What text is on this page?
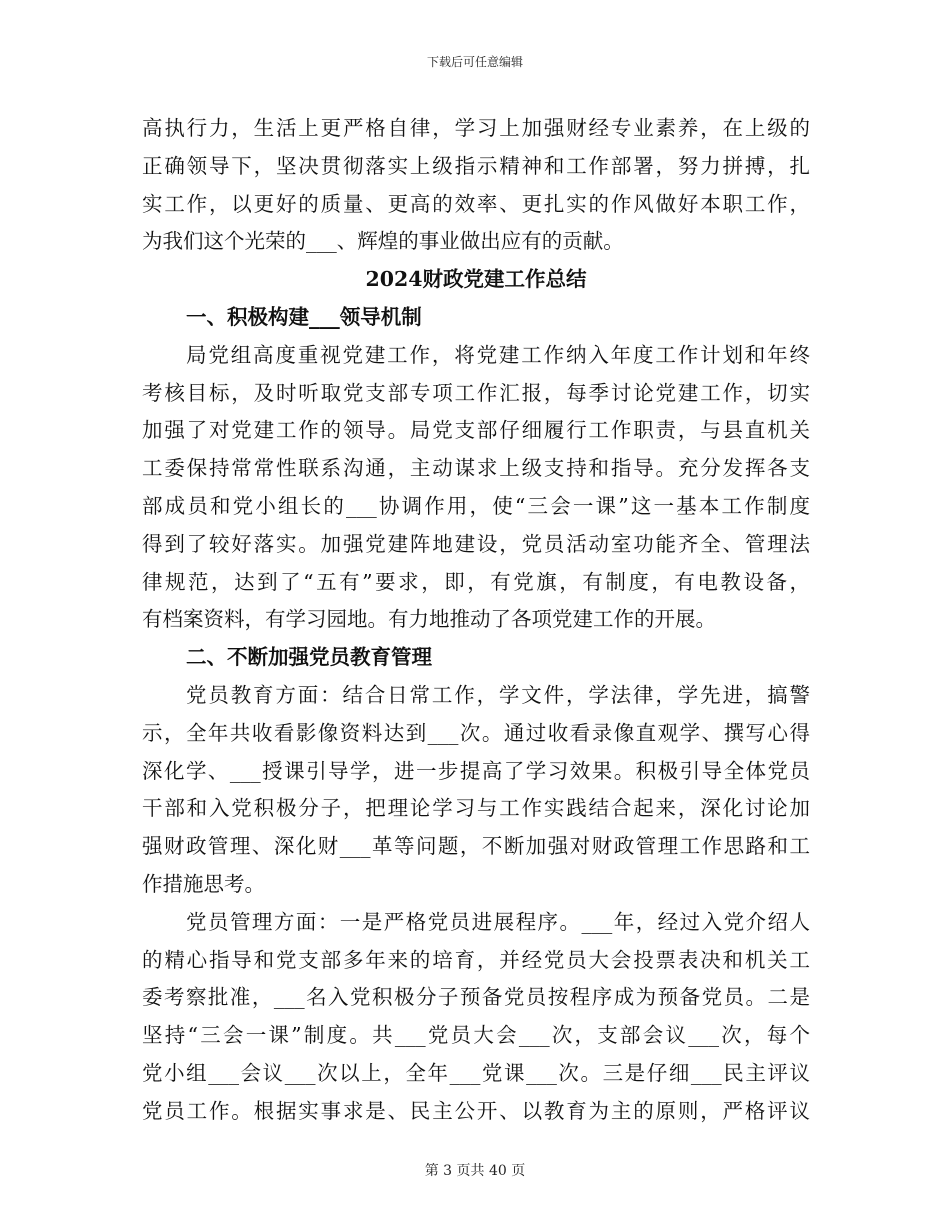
下载后可任意编辑
高执行力，生活上更严格自律，学习上加强财经专业素养，在上级的
正确领导下，坚决贯彻落实上级指示精神和工作部署，努力拼搏，扎
实工作，以更好的质量、更高的效率、更扎实的作风做好本职工作，
为我们这个光荣的___、辉煌的事业做出应有的贡献。
2024财政党建工作总结
一、积极构建___领导机制
局党组高度重视党建工作，将党建工作纳入年度工作计划和年终
考核目标，及时听取党支部专项工作汇报，每季讨论党建工作，切实
加强了对党建工作的领导。局党支部仔细履行工作职责，与县直机关
工委保持常常性联系沟通，主动谋求上级支持和指导。充分发挥各支
部成员和党小组长的___协调作用，使“三会一课”这一基本工作制度
得到了较好落实。加强党建阵地建设，党员活动室功能齐全、管理法
律规范，达到了“五有”要求，即，有党旗，有制度，有电教设备，
有档案资料，有学习园地。有力地推动了各项党建工作的开展。
二、不断加强党员教育管理
党员教育方面：结合日常工作，学文件，学法律，学先进，搞警
示，全年共收看影像资料达到___次。通过收看录像直观学、撰写心得
深化学、___授课引导学，进一步提高了学习效果。积极引导全体党员
干部和入党积极分子，把理论学习与工作实践结合起来，深化讨论加
强财政管理、深化财___革等问题，不断加强对财政管理工作思路和工
作措施思考。
党员管理方面：一是严格党员进展程序。___年，经过入党介绍人
的精心指导和党支部多年来的培育，并经党员大会投票表决和机关工
委考察批准，___名入党积极分子预备党员按程序成为预备党员。二是
坚持“三会一课”制度。共___党员大会___次，支部会议___次，每个
党小组___会议___次以上，全年___党课___次。三是仔细___民主评议
党员工作。根据实事求是、民主公开、以教育为主的原则，严格评议
第 3 页共 40 页
